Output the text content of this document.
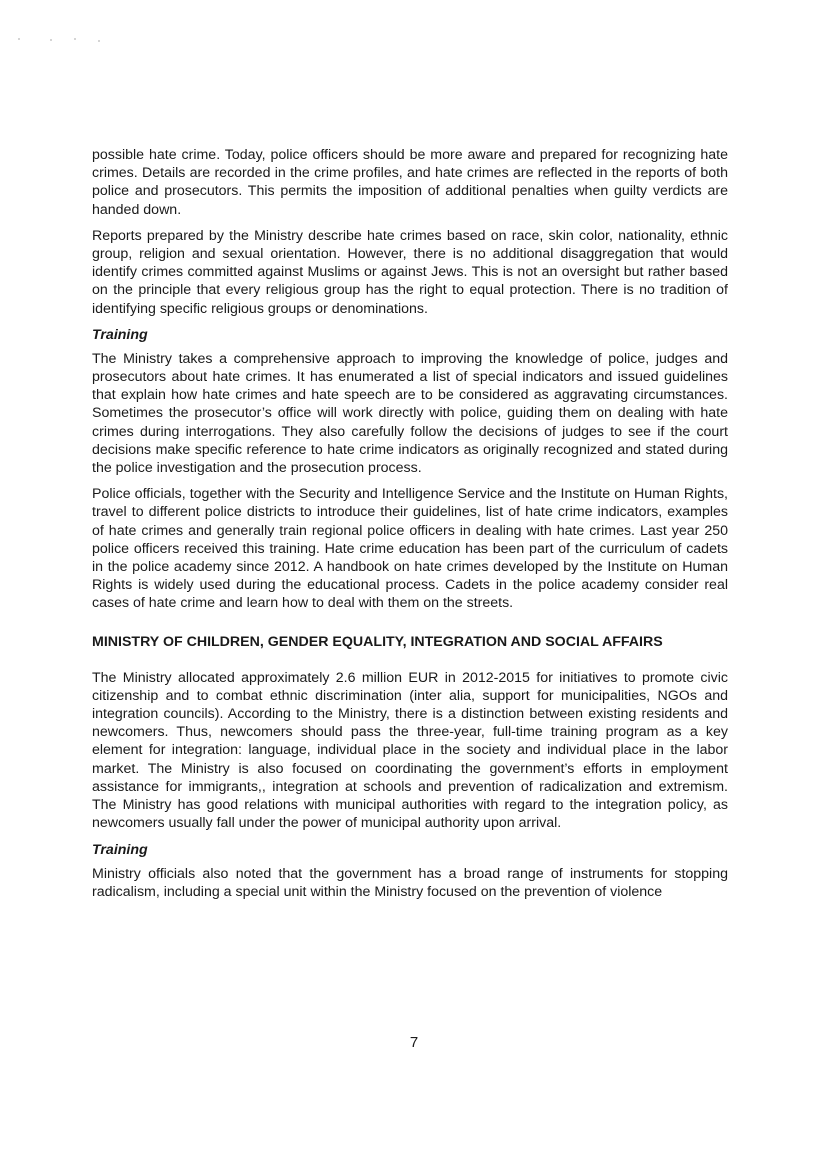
possible hate crime. Today, police officers should be more aware and prepared for recognizing hate crimes. Details are recorded in the crime profiles, and hate crimes are reflected in the reports of both police and prosecutors. This permits the imposition of additional penalties when guilty verdicts are handed down.

Reports prepared by the Ministry describe hate crimes based on race, skin color, nationality, ethnic group, religion and sexual orientation. However, there is no additional disaggregation that would identify crimes committed against Muslims or against Jews. This is not an oversight but rather based on the principle that every religious group has the right to equal protection. There is no tradition of identifying specific religious groups or denominations.

Training

The Ministry takes a comprehensive approach to improving the knowledge of police, judges and prosecutors about hate crimes. It has enumerated a list of special indicators and issued guidelines that explain how hate crimes and hate speech are to be considered as aggravating circumstances. Sometimes the prosecutor’s office will work directly with police, guiding them on dealing with hate crimes during interrogations. They also carefully follow the decisions of judges to see if the court decisions make specific reference to hate crime indicators as originally recognized and stated during the police investigation and the prosecution process.

Police officials, together with the Security and Intelligence Service and the Institute on Human Rights, travel to different police districts to introduce their guidelines, list of hate crime indicators, examples of hate crimes and generally train regional police officers in dealing with hate crimes. Last year 250 police officers received this training. Hate crime education has been part of the curriculum of cadets in the police academy since 2012. A handbook on hate crimes developed by the Institute on Human Rights is widely used during the educational process. Cadets in the police academy consider real cases of hate crime and learn how to deal with them on the streets.

MINISTRY OF CHILDREN, GENDER EQUALITY, INTEGRATION AND SOCIAL AFFAIRS

The Ministry allocated approximately 2.6 million EUR in 2012-2015 for initiatives to promote civic citizenship and to combat ethnic discrimination (inter alia, support for municipalities, NGOs and integration councils). According to the Ministry, there is a distinction between existing residents and newcomers. Thus, newcomers should pass the three-year, full-time training program as a key element for integration: language, individual place in the society and individual place in the labor market. The Ministry is also focused on coordinating the government’s efforts in employment assistance for immigrants,, integration at schools and prevention of radicalization and extremism. The Ministry has good relations with municipal authorities with regard to the integration policy, as newcomers usually fall under the power of municipal authority upon arrival.

Training

Ministry officials also noted that the government has a broad range of instruments for stopping radicalism, including a special unit within the Ministry focused on the prevention of violence

7
